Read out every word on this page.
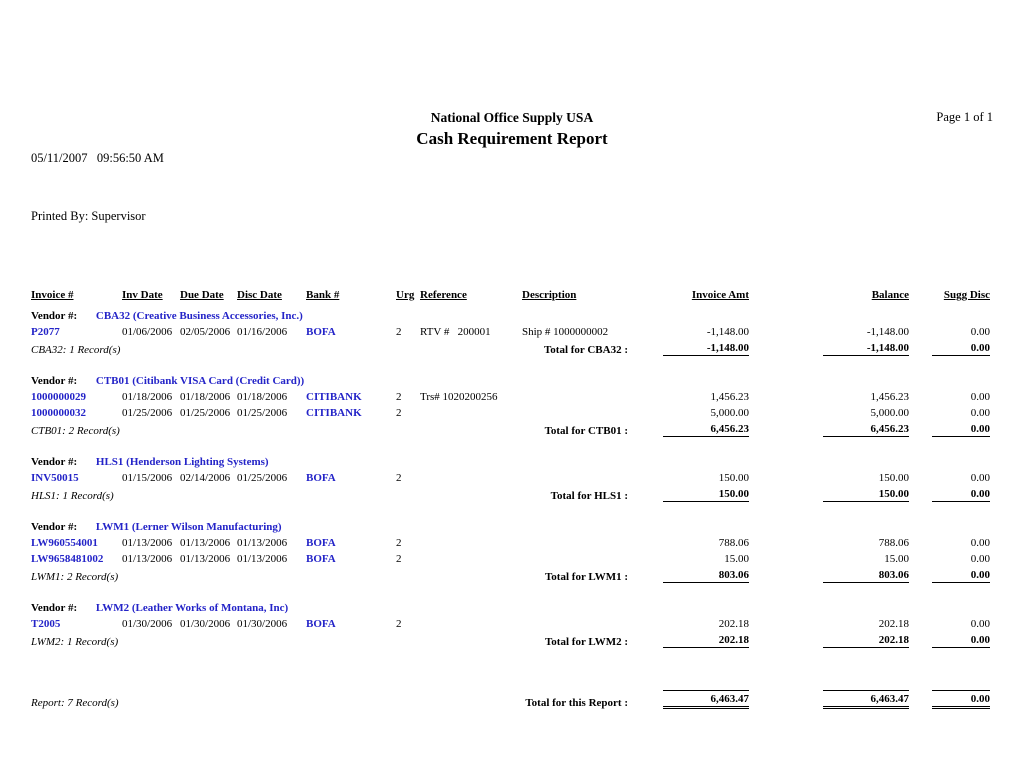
05/11/2007   09:56:50 AM

Printed By: Supervisor

National Office Supply USA
Cash Requirement Report
Page 1 of 1
Invoice #	Inv Date	Due Date	Disc Date	Bank #	Urg	Reference	Description	Invoice Amt	Balance	Sugg Disc
Vendor #: CBA32 (Creative Business Accessories, Inc.)										
P2077	01/06/2006	02/05/2006	01/16/2006	BOFA	2	RTV #   200001	Ship # 1000000002	-1,148.00	-1,148.00	0.00
CBA32: 1 Record(s)					Total for CBA32 :			-1,148.00	-1,148.00	0.00

Vendor #: CTB01 (Citibank VISA Card (Credit Card))										
1000000029	01/18/2006	01/18/2006	01/18/2006	CITIBANK	2	Trs# 1020200256		1,456.23	1,456.23	0.00
1000000032	01/25/2006	01/25/2006	01/25/2006	CITIBANK	2			5,000.00	5,000.00	0.00
CTB01: 2 Record(s)					Total for CTB01 :			6,456.23	6,456.23	0.00

Vendor #: HLS1 (Henderson Lighting Systems)										
INV50015	01/15/2006	02/14/2006	01/25/2006	BOFA	2			150.00	150.00	0.00
HLS1: 1 Record(s)					Total for HLS1 :			150.00	150.00	0.00

Vendor #: LWM1 (Lerner Wilson Manufacturing)										
LW960554001	01/13/2006	01/13/2006	01/13/2006	BOFA	2			788.06	788.06	0.00
LW9658481002	01/13/2006	01/13/2006	01/13/2006	BOFA	2			15.00	15.00	0.00
LWM1: 2 Record(s)					Total for LWM1 :			803.06	803.06	0.00

Vendor #: LWM2 (Leather Works of Montana, Inc)										
T2005	01/30/2006	01/30/2006	01/30/2006	BOFA	2			202.18	202.18	0.00
LWM2: 1 Record(s)					Total for LWM2 :			202.18	202.18	0.00

Report: 7 Record(s)					Total for this Report :			6,463.47	6,463.47	0.00
